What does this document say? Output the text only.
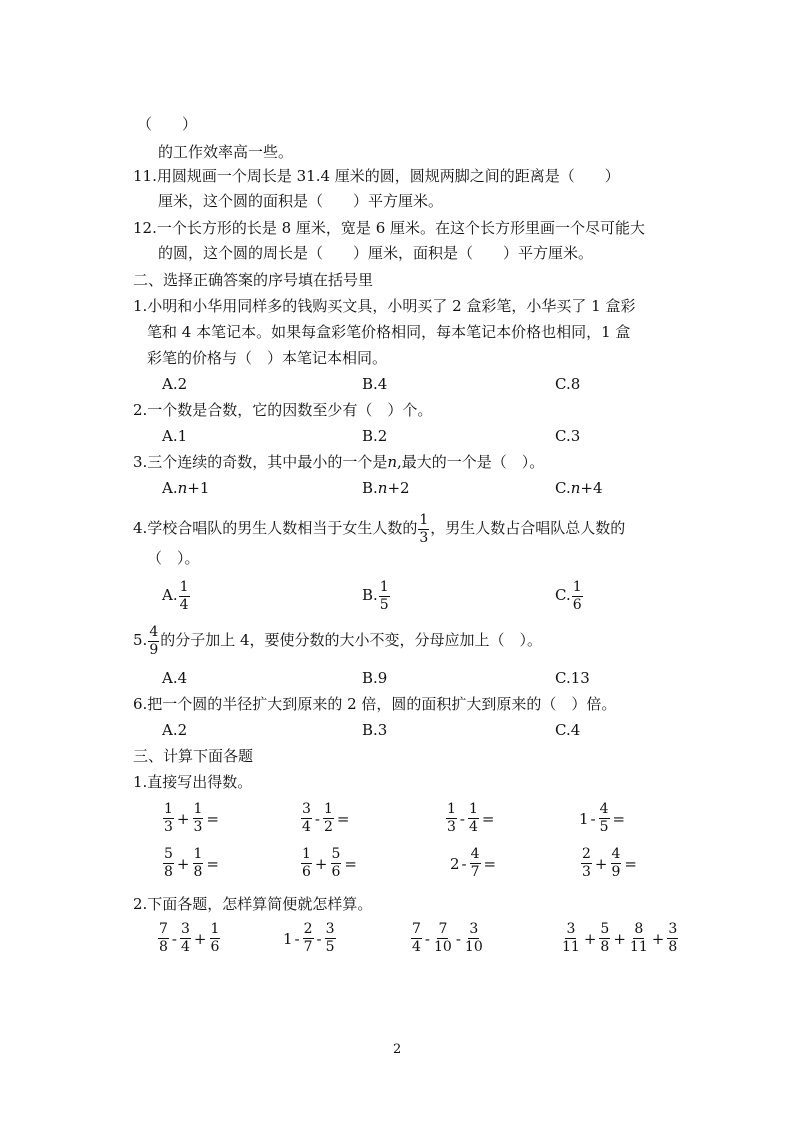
（　　）
的工作效率高一些。
11.用圆规画一个周长是 31.4 厘米的圆，圆规两脚之间的距离是（　　）
厘米，这个圆的面积是（　　）平方厘米。
12.一个长方形的长是 8 厘米，宽是 6 厘米。在这个长方形里画一个尽可能大
的圆，这个圆的周长是（　　）厘米，面积是（　　）平方厘米。
二、选择正确答案的序号填在括号里
1.小明和小华用同样多的钱购买文具，小明买了 2 盒彩笔，小华买了 1 盒彩
笔和 4 本笔记本。如果每盒彩笔价格相同，每本笔记本价格也相同，1 盒
彩笔的价格与（　）本笔记本相同。
A.2	B.4	C.8
2.一个数是合数，它的因数至少有（　）个。
A.1	B.2	C.3
3.三个连续的奇数，其中最小的一个是n,最大的一个是（　）。
A.n+1	B.n+2	C.n+4
4.学校合唱队的男生人数相当于女生人数的 $\frac{1}{3}$ ，男生人数占合唱队总人数的
（　）。
A. $\frac{1}{4}$	B. $\frac{1}{5}$	C. $\frac{1}{6}$
5. $\frac{4}{9}$ 的分子加上 4，要使分数的大小不变，分母应加上（　）。
A.4	B.9	C.13
6.把一个圆的半径扩大到原来的 2 倍，圆的面积扩大到原来的（　）倍。
A.2	B.3	C.4
三、计算下面各题
1.直接写出得数。
$\frac{1}{3} + \frac{1}{3}$ =	$\frac{3}{4} - \frac{1}{2}$ =	$\frac{1}{3} - \frac{1}{4}$ =	$1 - \frac{4}{5}$ =
$\frac{5}{8} + \frac{1}{8}$ =	$\frac{1}{6} + \frac{5}{6}$ =	$2 - \frac{4}{7}$ =	$\frac{2}{3} + \frac{4}{9}$ =
2.下面各题，怎样算简便就怎样算。
$\frac{7}{8} - \frac{3}{4} + \frac{1}{6}$	$1 - \frac{2}{7} - \frac{3}{5}$	$\frac{7}{4} - \frac{7}{10} - \frac{3}{10}$	$\frac{3}{11} + \frac{5}{8} + \frac{8}{11} + \frac{3}{8}$
2
